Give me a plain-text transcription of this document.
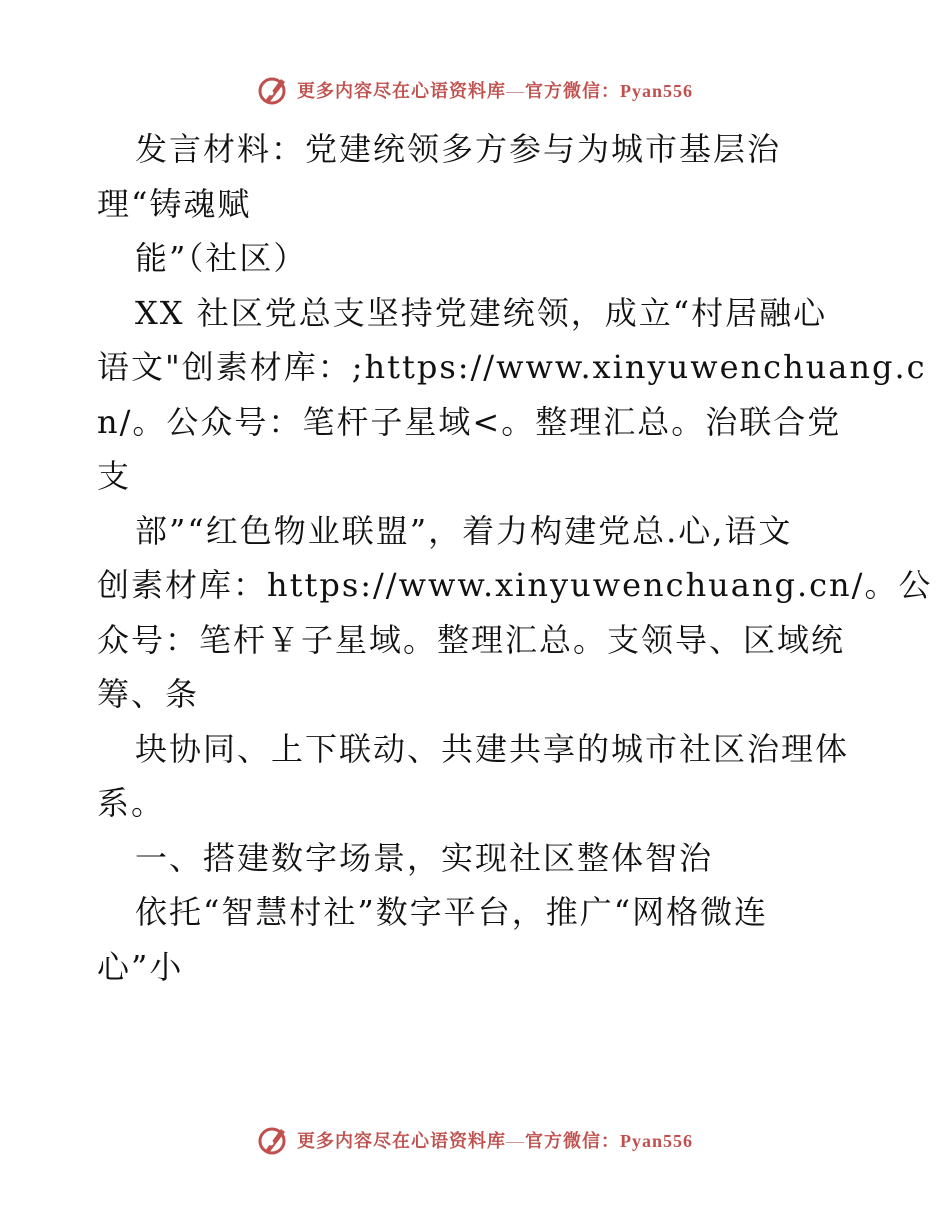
更多内容尽在心语资料库—官方微信：Pyan556
发言材料：党建统领多方参与为城市基层治
理“铸魂赋
能”（社区）
XX 社区党总支坚持党建统领，成立“村居融心
语文"创素材库：;https://www.xinyuwenchuang.c
n/。公众号：笔杆子星域<。整理汇总。治联合党
支
部”“红色物业联盟”，着力构建党总.心,语文
创素材库：https://www.xinyuwenchuang.cn/。公
众号：笔杆￥子星域。整理汇总。支领导、区域统
筹、条
块协同、上下联动、共建共享的城市社区治理体
系。
一、搭建数字场景，实现社区整体智治
依托“智慧村社”数字平台，推广“网格微连
心”小
更多内容尽在心语资料库—官方微信：Pyan556
